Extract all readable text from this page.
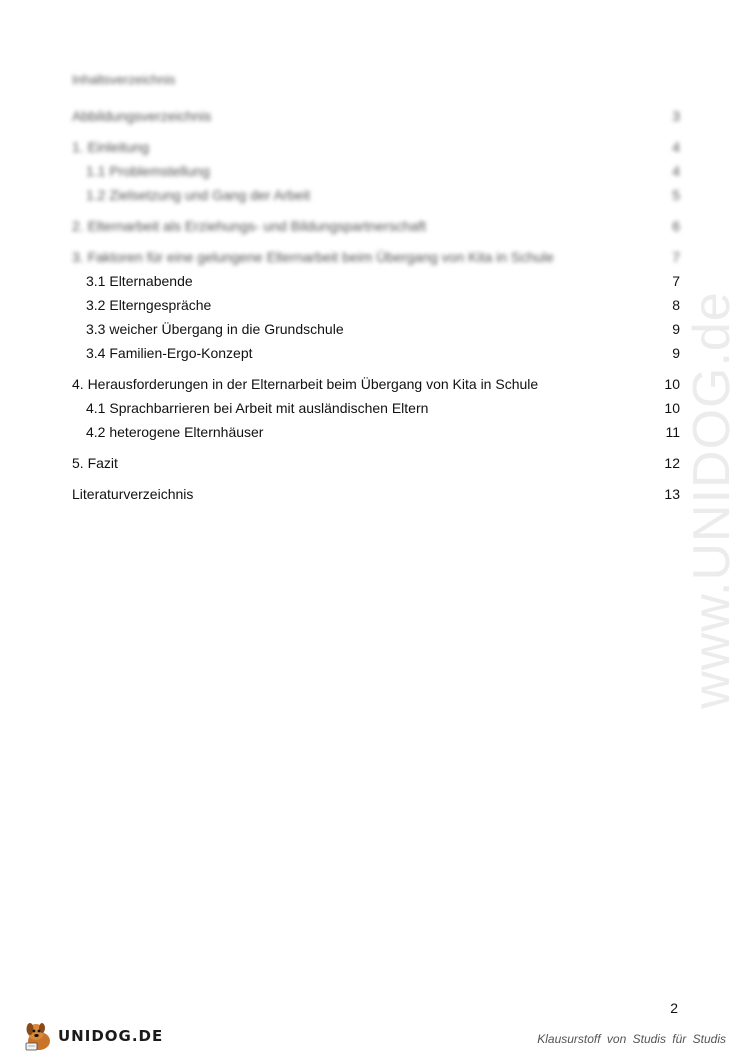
www.UNIDOG.de
Inhaltsverzeichnis
Abbildungsverzeichnis	3
1. Einleitung	4
1.1 Problemstellung	4
1.2 Zielsetzung und Gang der Arbeit	5
2. Elternarbeit als Erziehungs- und Bildungspartnerschaft	6
3. Faktoren für eine gelungene Elternarbeit beim Übergang von Kita in Schule	7
3.1 Elternabende	7
3.2 Elterngespräche	8
3.3 weicher Übergang in die Grundschule	9
3.4 Familien-Ergo-Konzept	9
4. Herausforderungen in der Elternarbeit beim Übergang von Kita in Schule	10
4.1 Sprachbarrieren bei Arbeit mit ausländischen Eltern	10
4.2 heterogene Elternhäuser	11
5. Fazit	12
Literaturverzeichnis	13
2
UNIDOG.DE	Klausurstoff von Studis für Studis
